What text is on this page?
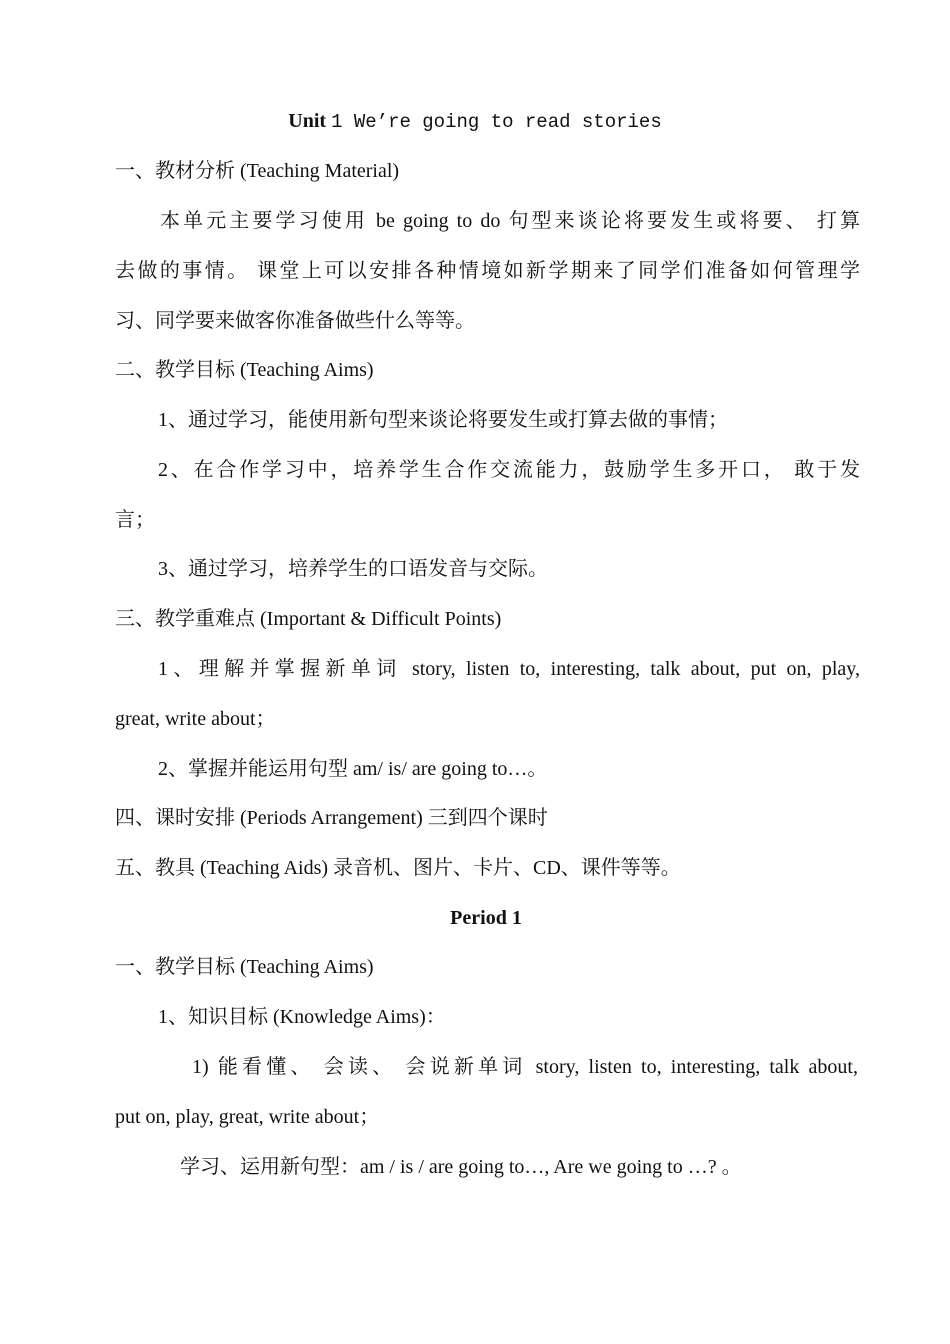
Unit 1 We’re going to read stories
一、教材分析 (Teaching Material)
本单元主要学习使用 be going to do 句型来谈论将要发生或将要、 打算
去做的事情。 课堂上可以安排各种情境如新学期来了同学们准备如何管理学
习、同学要来做客你准备做些什么等等。
二、教学目标 (Teaching Aims)
1、通过学习，能使用新句型来谈论将要发生或打算去做的事情；
2、在合作学习中，培养学生合作交流能力，鼓励学生多开口， 敢于发
言；
3、通过学习，培养学生的口语发音与交际。
三、教学重难点 (Important & Difficult Points)
1、理解并掌握新单词 story, listen to, interesting, talk about, put on, play,
great, write about；
2、掌握并能运用句型 am/ is/ are going to…。
四、课时安排 (Periods Arrangement) 三到四个课时
五、教具 (Teaching Aids) 录音机、图片、卡片、CD、课件等等。
Period 1
一、教学目标 (Teaching Aims)
1、知识目标 (Knowledge Aims)：
1) 能看懂、 会读、 会说新单词 story, listen to, interesting, talk about,
put on, play, great, write about；
学习、运用新句型：am / is / are going to…, Are we going to …? 。
